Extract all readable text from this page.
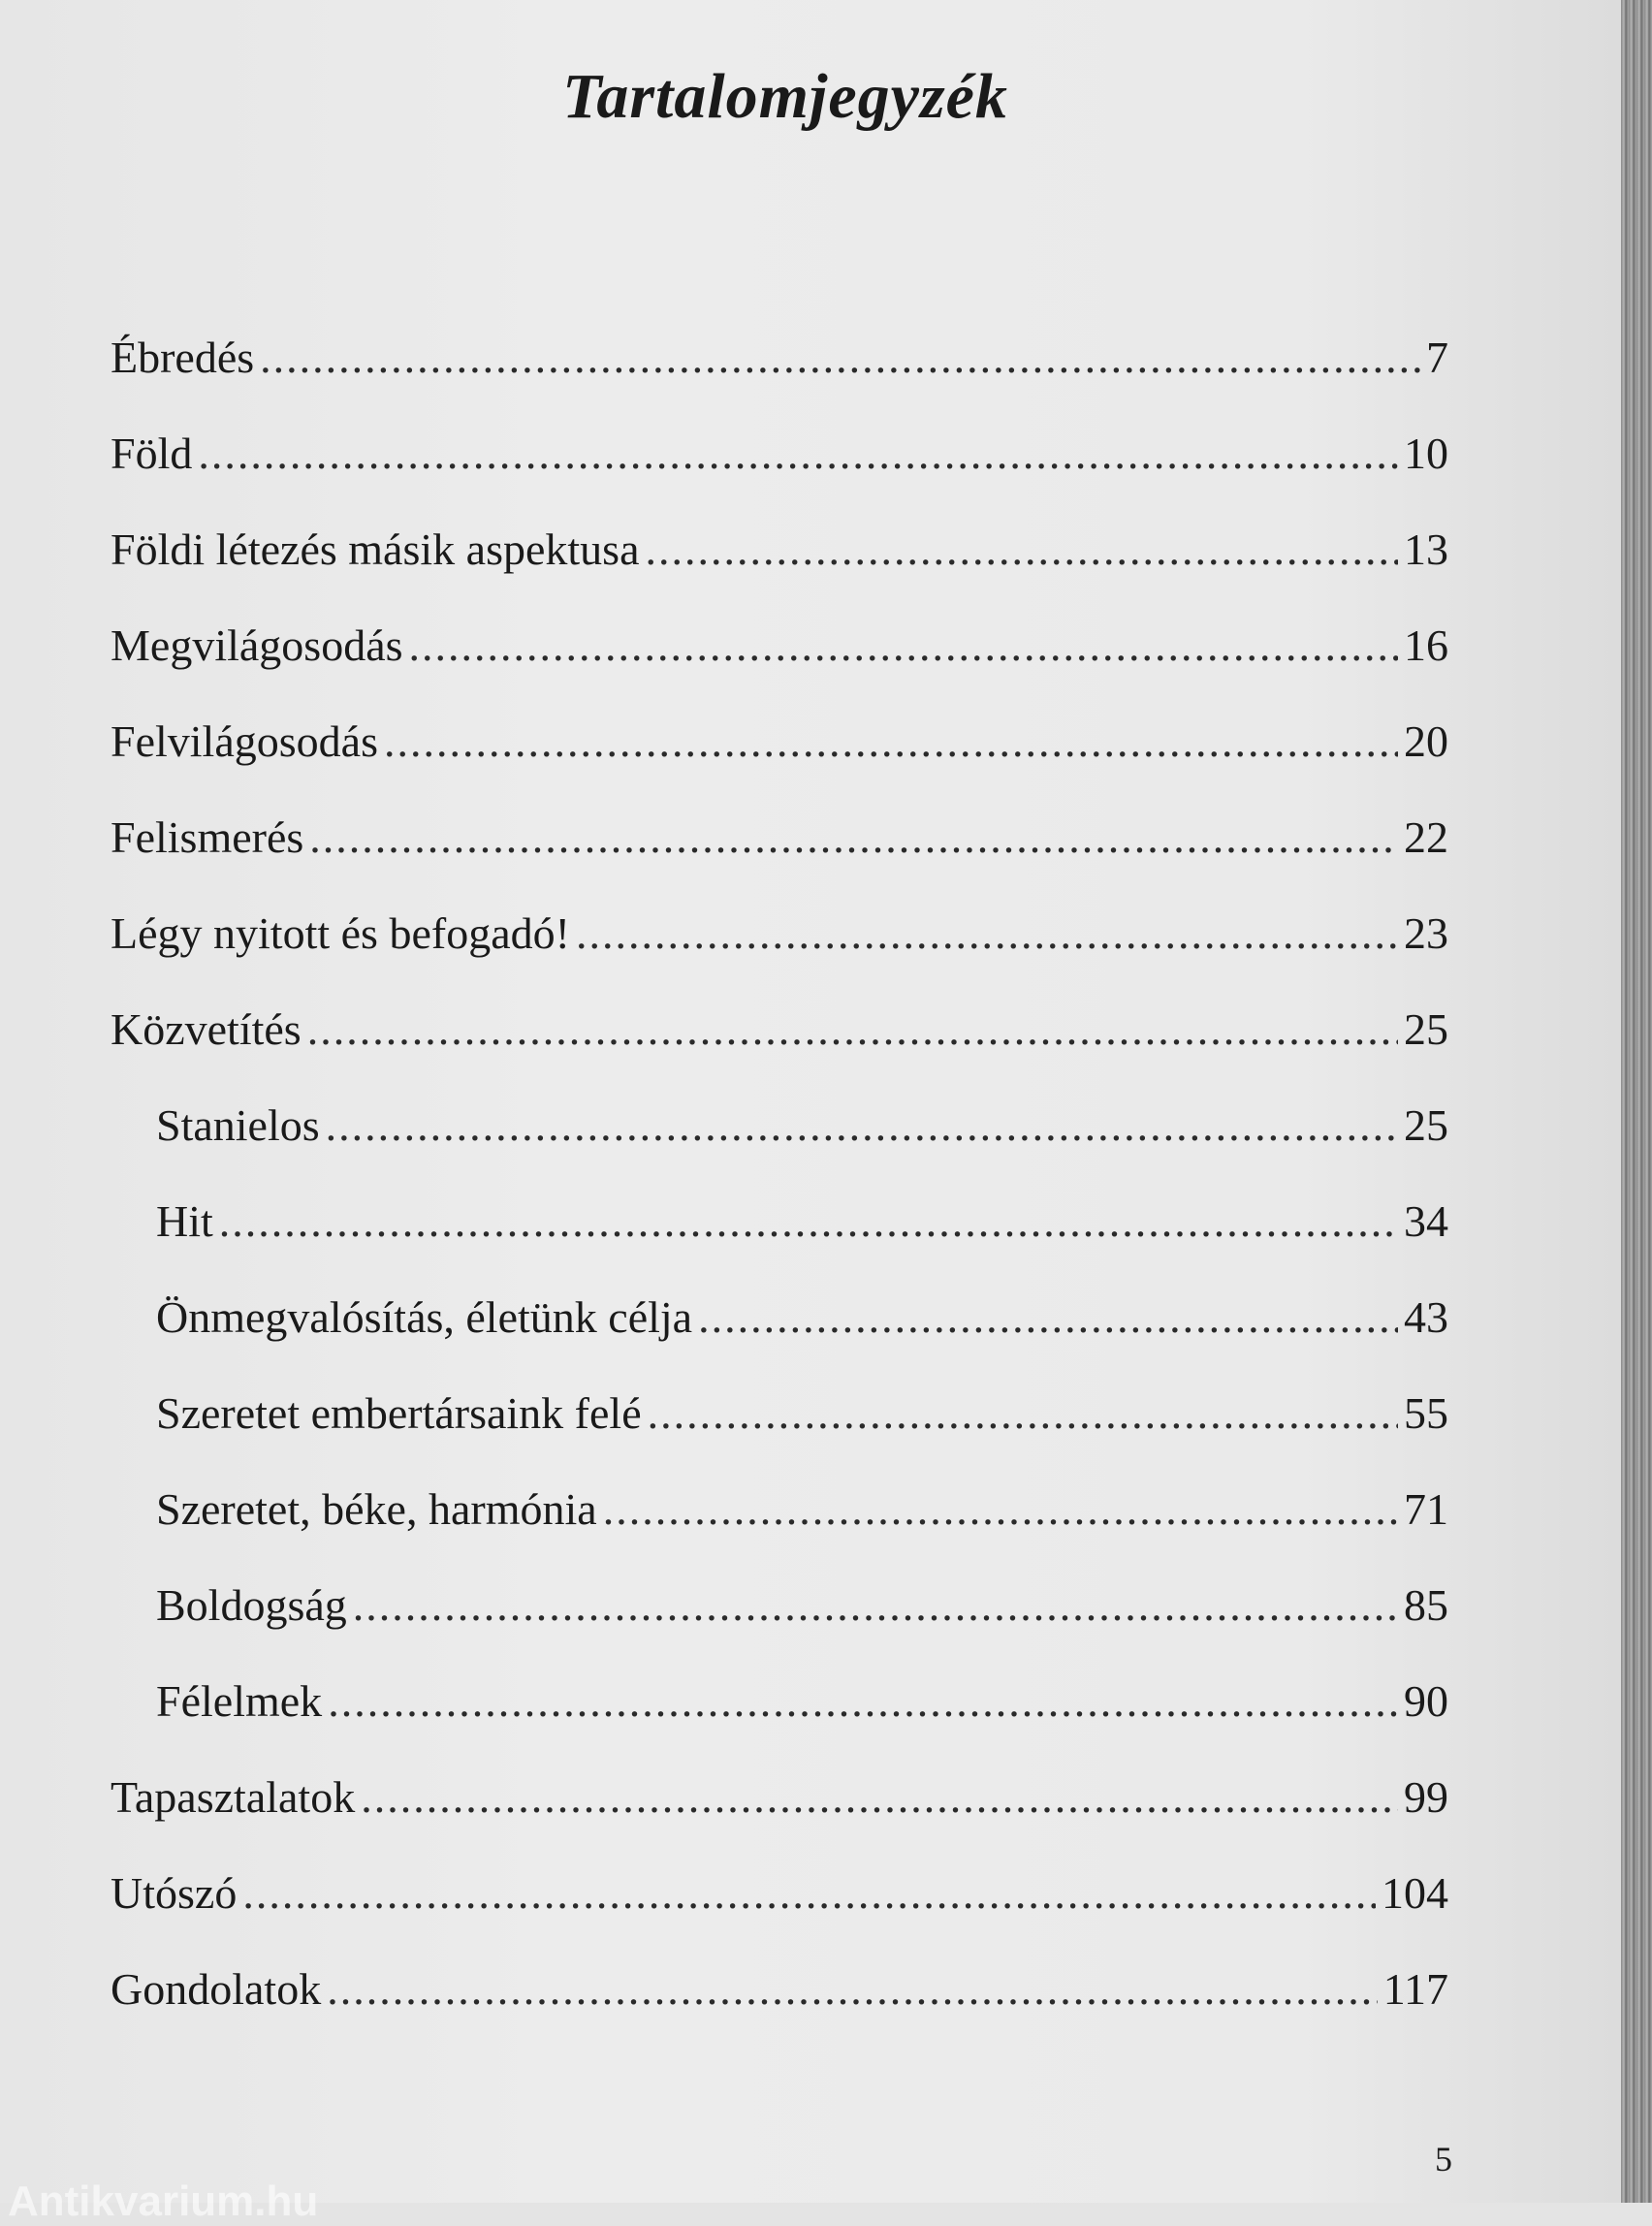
Tartalomjegyzék
Ébredés .....	7
Föld .....	10
Földi létezés másik aspektusa .....	13
Megvilágosodás .....	16
Felvilágosodás .....	20
Felismerés .....	22
Légy nyitott és befogadó! .....	23
Közvetítés .....	25
Stanielos .....	25
Hit .....	34
Önmegvalósítás, életünk célja .....	43
Szeretet embertársaink felé .....	55
Szeretet, béke, harmónia .....	71
Boldogság .....	85
Félelmek .....	90
Tapasztalatok .....	99
Utószó .....	104
Gondolatok .....	117
5
Antikvarium.hu
